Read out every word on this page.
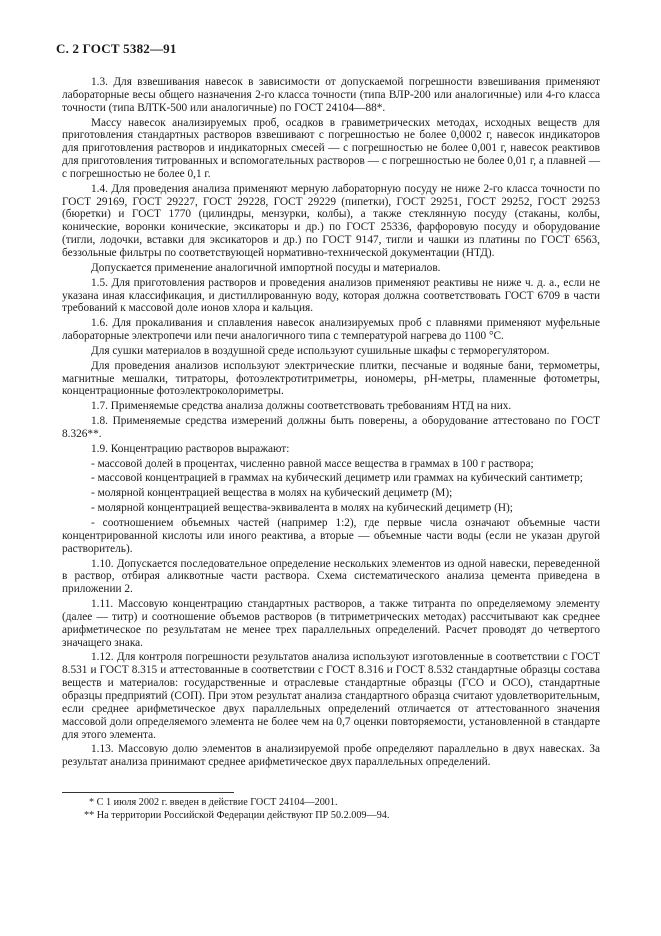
С. 2 ГОСТ 5382—91

1.3. Для взвешивания навесок в зависимости от допускаемой погрешности взвешивания применяют лабораторные весы общего назначения 2-го класса точности (типа ВЛР-200 или аналогичные) или 4-го класса точности (типа ВЛТК-500 или аналогичные) по ГОСТ 24104—88*.

Массу навесок анализируемых проб, осадков в гравиметрических методах, исходных веществ для приготовления стандартных растворов взвешивают с погрешностью не более 0,0002 г, навесок индикаторов для приготовления растворов и индикаторных смесей — с погрешностью не более 0,001 г, навесок реактивов для приготовления титрованных и вспомогательных растворов — с погрешностью не более 0,01 г, а плавней — с погрешностью не более 0,1 г.

1.4. Для проведения анализа применяют мерную лабораторную посуду не ниже 2-го класса точности по ГОСТ 29169, ГОСТ 29227, ГОСТ 29228, ГОСТ 29229 (пипетки), ГОСТ 29251, ГОСТ 29252, ГОСТ 29253 (бюретки) и ГОСТ 1770 (цилиндры, мензурки, колбы), а также стеклянную посуду (стаканы, колбы, конические, воронки конические, эксикаторы и др.) по ГОСТ 25336, фарфоровую посуду и оборудование (тигли, лодочки, вставки для эксикаторов и др.) по ГОСТ 9147, тигли и чашки из платины по ГОСТ 6563, беззольные фильтры по соответствующей нормативно-технической документации (НТД).

Допускается применение аналогичной импортной посуды и материалов.

1.5. Для приготовления растворов и проведения анализов применяют реактивы не ниже ч. д. а., если не указана иная классификация, и дистиллированную воду, которая должна соответствовать ГОСТ 6709 в части требований к массовой доле ионов хлора и кальция.

1.6. Для прокаливания и сплавления навесок анализируемых проб с плавнями применяют муфельные лабораторные электропечи или печи аналогичного типа с температурой нагрева до 1100 °С.

Для сушки материалов в воздушной среде используют сушильные шкафы с терморегулятором.

Для проведения анализов используют электрические плитки, песчаные и водяные бани, термометры, магнитные мешалки, титраторы, фотоэлектротитриметры, иономеры, pH-метры, пламенные фотометры, концентрационные фотоэлектроколориметры.

1.7. Применяемые средства анализа должны соответствовать требованиям НТД на них.

1.8. Применяемые средства измерений должны быть поверены, а оборудование аттестовано по ГОСТ 8.326**.

1.9. Концентрацию растворов выражают:

- массовой долей в процентах, численно равной массе вещества в граммах в 100 г раствора;

- массовой концентрацией в граммах на кубический дециметр или граммах на кубический сантиметр;

- молярной концентрацией вещества в молях на кубический дециметр (М);

- молярной концентрацией вещества-эквивалента в молях на кубический дециметр (Н);

- соотношением объемных частей (например 1:2), где первые числа означают объемные части концентрированной кислоты или иного реактива, а вторые — объемные части воды (если не указан другой растворитель).

1.10. Допускается последовательное определение нескольких элементов из одной навески, переведенной в раствор, отбирая аликвотные части раствора. Схема систематического анализа цемента приведена в приложении 2.

1.11. Массовую концентрацию стандартных растворов, а также титранта по определяемому элементу (далее — титр) и соотношение объемов растворов (в титриметрических методах) рассчитывают как среднее арифметическое по результатам не менее трех параллельных определений. Расчет проводят до четвертого значащего знака.

1.12. Для контроля погрешности результатов анализа используют изготовленные в соответствии с ГОСТ 8.531 и ГОСТ 8.315 и аттестованные в соответствии с ГОСТ 8.316 и ГОСТ 8.532 стандартные образцы состава веществ и материалов: государственные и отраслевые стандартные образцы (ГСО и ОСО), стандартные образцы предприятий (СОП). При этом результат анализа стандартного образца считают удовлетворительным, если среднее арифметическое двух параллельных определений отличается от аттестованного значения массовой доли определяемого элемента не более чем на 0,7 оценки повторяемости, установленной в стандарте для этого элемента.

1.13. Массовую долю элементов в анализируемой пробе определяют параллельно в двух навесках. За результат анализа принимают среднее арифметическое двух параллельных определений.

* С 1 июля 2002 г. введен в действие ГОСТ 24104—2001.

** На территории Российской Федерации действуют ПР 50.2.009—94.
